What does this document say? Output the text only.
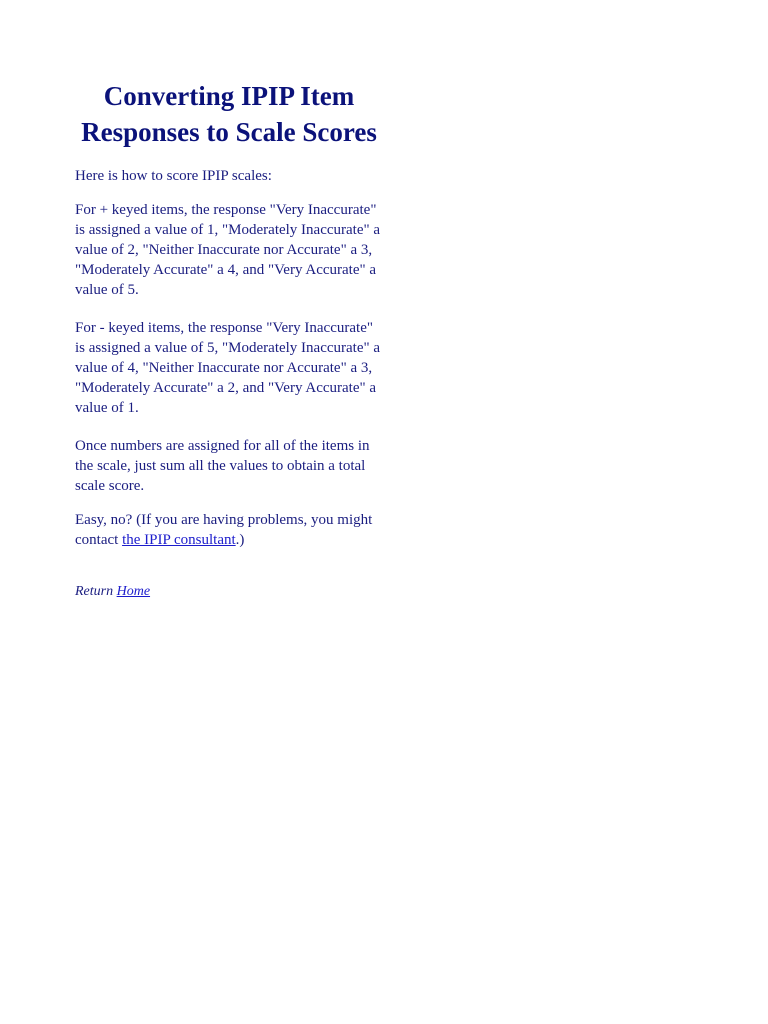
Converting IPIP Item Responses to Scale Scores

Here is how to score IPIP scales:

For + keyed items, the response "Very Inaccurate" is assigned a value of 1, "Moderately Inaccurate" a value of 2, "Neither Inaccurate nor Accurate" a 3, "Moderately Accurate" a 4, and "Very Accurate" a value of 5.

For - keyed items, the response "Very Inaccurate" is assigned a value of 5, "Moderately Inaccurate" a value of 4, "Neither Inaccurate nor Accurate" a 3, "Moderately Accurate" a 2, and "Very Accurate" a value of 1.

Once numbers are assigned for all of the items in the scale, just sum all the values to obtain a total scale score.

Easy, no? (If you are having problems, you might contact the IPIP consultant.)

Return Home
